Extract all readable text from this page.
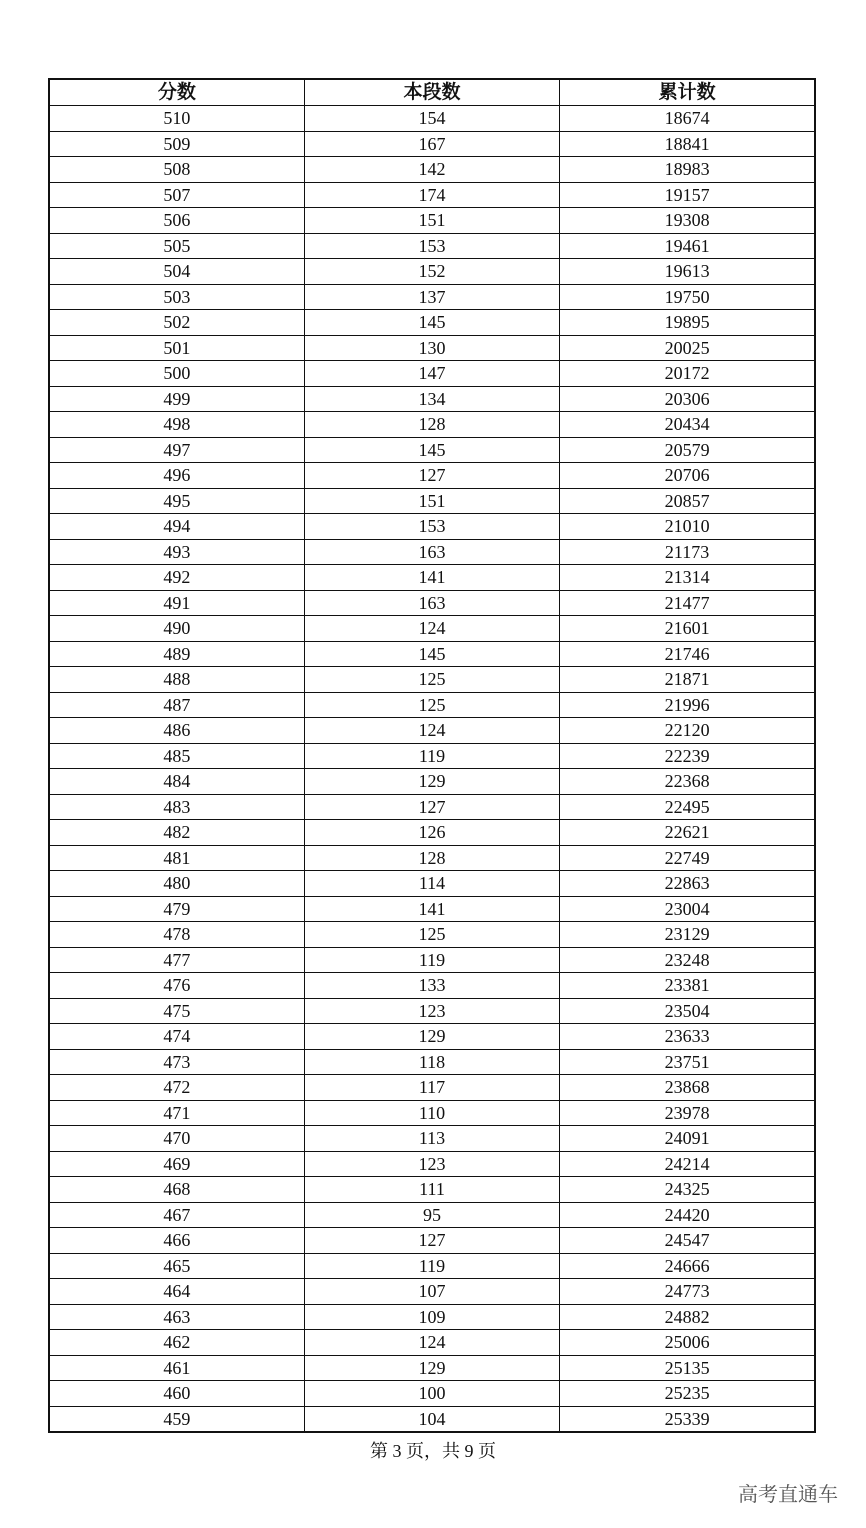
分数	本段数	累计数
510	154	18674
509	167	18841
508	142	18983
507	174	19157
506	151	19308
505	153	19461
504	152	19613
503	137	19750
502	145	19895
501	130	20025
500	147	20172
499	134	20306
498	128	20434
497	145	20579
496	127	20706
495	151	20857
494	153	21010
493	163	21173
492	141	21314
491	163	21477
490	124	21601
489	145	21746
488	125	21871
487	125	21996
486	124	22120
485	119	22239
484	129	22368
483	127	22495
482	126	22621
481	128	22749
480	114	22863
479	141	23004
478	125	23129
477	119	23248
476	133	23381
475	123	23504
474	129	23633
473	118	23751
472	117	23868
471	110	23978
470	113	24091
469	123	24214
468	111	24325
467	95	24420
466	127	24547
465	119	24666
464	107	24773
463	109	24882
462	124	25006
461	129	25135
460	100	25235
459	104	25339
第 3 页，共 9 页
高考直通车
